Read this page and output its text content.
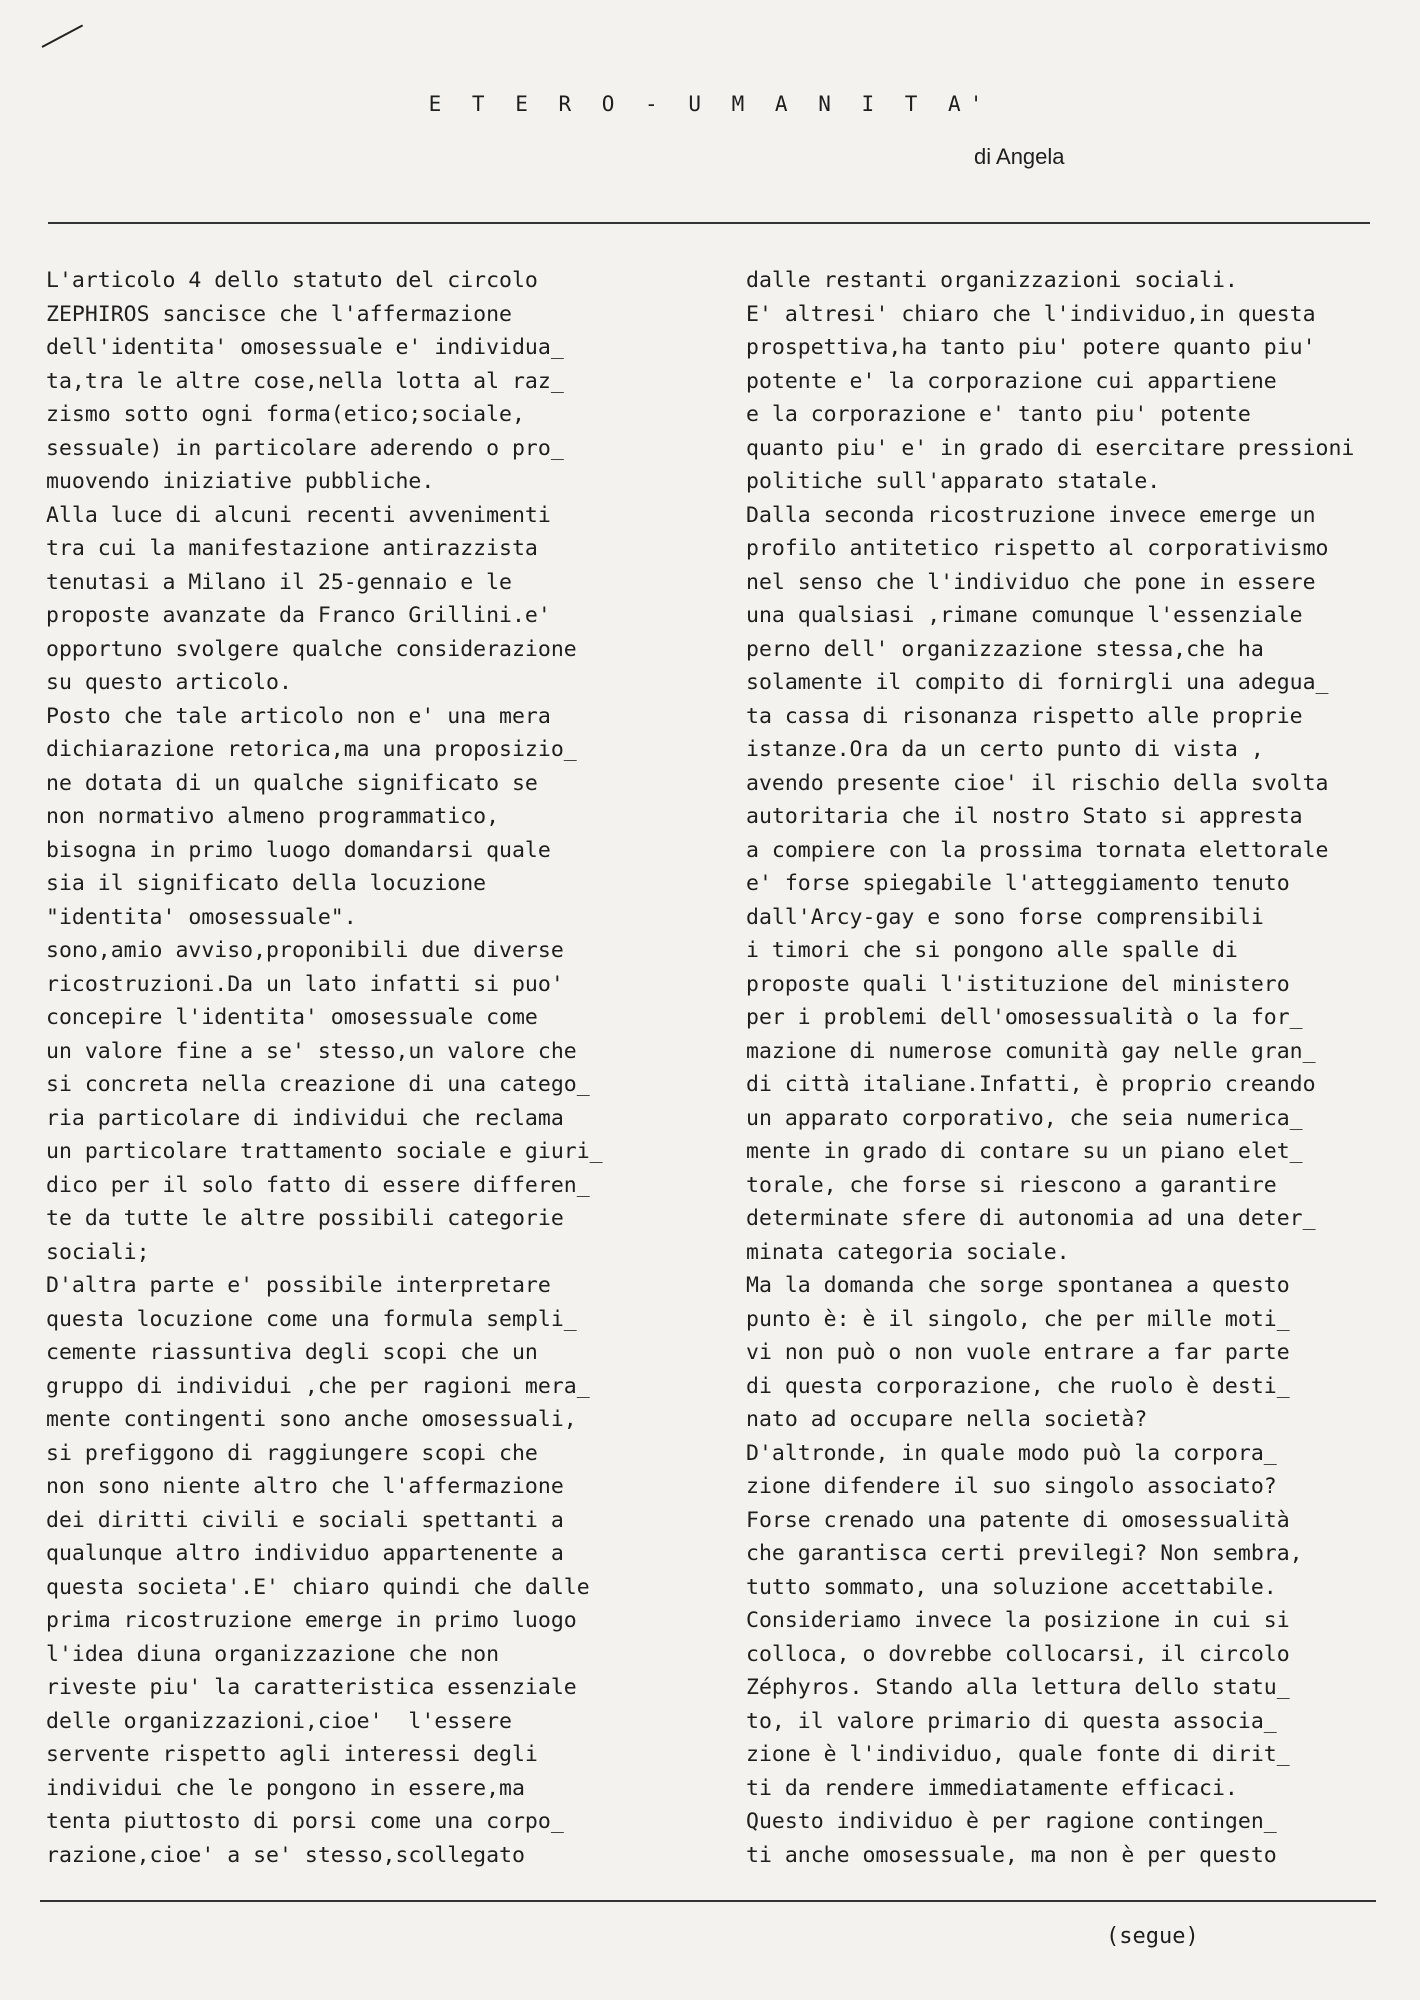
E T E R O - U M A N I T A'
di Angela
L'articolo 4 dello statuto del circolo
ZEPHIROS sancisce che l'affermazione
dell'identita' omosessuale e' individua_
ta,tra le altre cose,nella lotta al raz_
zismo sotto ogni forma(etico;sociale,
sessuale) in particolare aderendo o pro_
muovendo iniziative pubbliche.
Alla luce di alcuni recenti avvenimenti
tra cui la manifestazione antirazzista
tenutasi a Milano il 25-gennaio e le
proposte avanzate da Franco Grillini.e'
opportuno svolgere qualche considerazione
su questo articolo.
Posto che tale articolo non e' una mera
dichiarazione retorica,ma una proposizio_
ne dotata di un qualche significato se
non normativo almeno programmatico,
bisogna in primo luogo domandarsi quale
sia il significato della locuzione
"identita' omosessuale".
sono,amio avviso,proponibili due diverse
ricostruzioni.Da un lato infatti si puo'
concepire l'identita' omosessuale come
un valore fine a se' stesso,un valore che
si concreta nella creazione di una catego_
ria particolare di individui che reclama
un particolare trattamento sociale e giuri_
dico per il solo fatto di essere differen_
te da tutte le altre possibili categorie
sociali;
D'altra parte e' possibile interpretare
questa locuzione come una formula sempli_
cemente riassuntiva degli scopi che un
gruppo di individui ,che per ragioni mera_
mente contingenti sono anche omosessuali,
si prefiggono di raggiungere scopi che
non sono niente altro che l'affermazione
dei diritti civili e sociali spettanti a
qualunque altro individuo appartenente a
questa societa'.E' chiaro quindi che dalle
prima ricostruzione emerge in primo luogo
l'idea diuna organizzazione che non
riveste piu' la caratteristica essenziale
delle organizzazioni,cioe'  l'essere
servente rispetto agli interessi degli
individui che le pongono in essere,ma
tenta piuttosto di porsi come una corpo_
razione,cioe' a se' stesso,scollegato
dalle restanti organizzazioni sociali.
E' altresi' chiaro che l'individuo,in questa
prospettiva,ha tanto piu' potere quanto piu'
potente e' la corporazione cui appartiene
e la corporazione e' tanto piu' potente
quanto piu' e' in grado di esercitare pressioni
politiche sull'apparato statale.
Dalla seconda ricostruzione invece emerge un
profilo antitetico rispetto al corporativismo
nel senso che l'individuo che pone in essere
una qualsiasi ,rimane comunque l'essenziale
perno dell' organizzazione stessa,che ha
solamente il compito di fornirgli una adegua_
ta cassa di risonanza rispetto alle proprie
istanze.Ora da un certo punto di vista ,
avendo presente cioe' il rischio della svolta
autoritaria che il nostro Stato si appresta
a compiere con la prossima tornata elettorale
e' forse spiegabile l'atteggiamento tenuto
dall'Arcy-gay e sono forse comprensibili
i timori che si pongono alle spalle di
proposte quali l'istituzione del ministero
per i problemi dell'omosessualità o la for_
mazione di numerose comunità gay nelle gran_
di città italiane.Infatti, è proprio creando
un apparato corporativo, che seia numerica_
mente in grado di contare su un piano elet_
torale, che forse si riescono a garantire
determinate sfere di autonomia ad una deter_
minata categoria sociale.
Ma la domanda che sorge spontanea a questo
punto è: è il singolo, che per mille moti_
vi non può o non vuole entrare a far parte
di questa corporazione, che ruolo è desti_
nato ad occupare nella società?
D'altronde, in quale modo può la corpora_
zione difendere il suo singolo associato?
Forse crenado una patente di omosessualità
che garantisca certi previlegi? Non sembra,
tutto sommato, una soluzione accettabile.
Consideriamo invece la posizione in cui si
colloca, o dovrebbe collocarsi, il circolo
Zéphyros. Stando alla lettura dello statu_
to, il valore primario di questa associa_
zione è l'individuo, quale fonte di dirit_
ti da rendere immediatamente efficaci.
Questo individuo è per ragione contingen_
ti anche omosessuale, ma non è per questo
(segue)
